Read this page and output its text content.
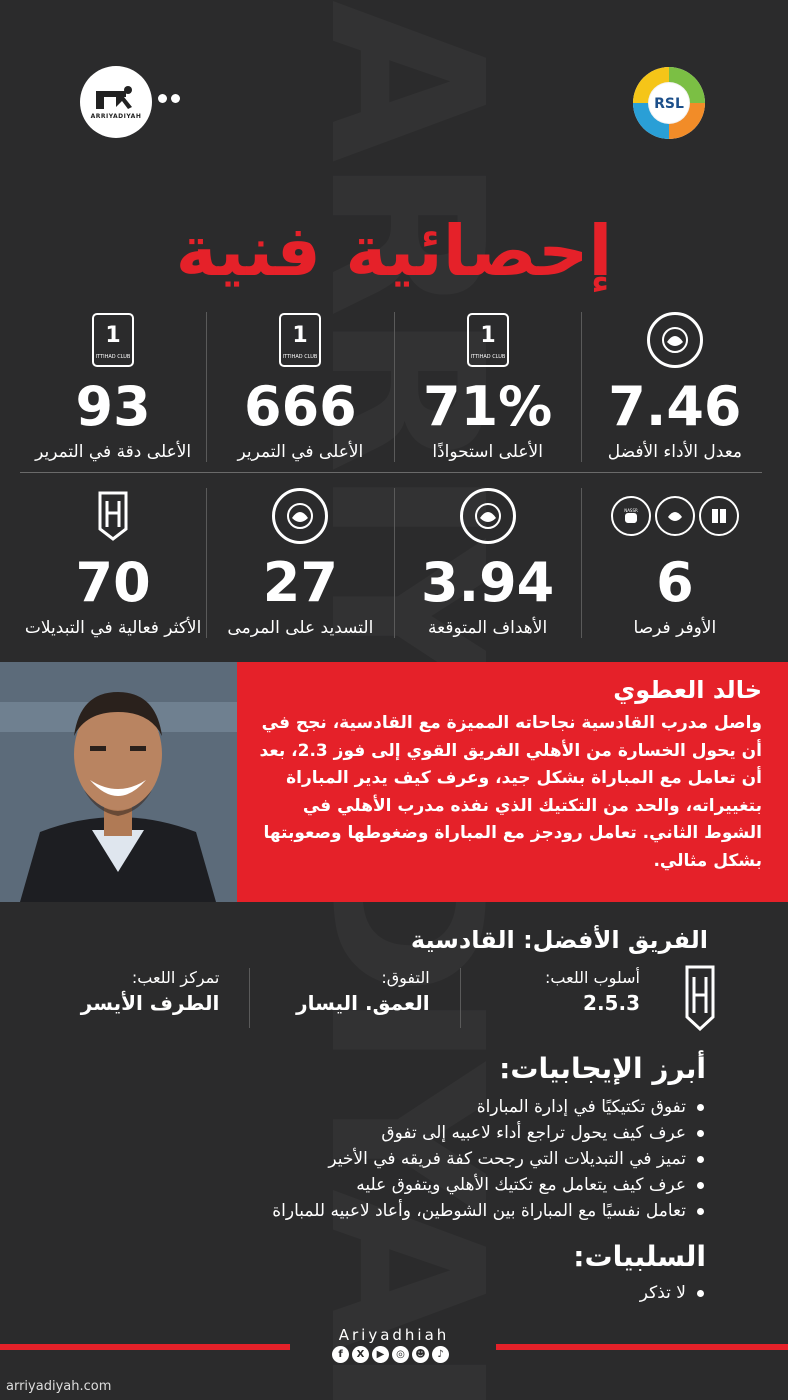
ARRIYADIYAH
RSL
إحصائية فنية
7.46
معدل الأداء الأفضل
1
ITTIHAD CLUB
71%
الأعلى استحواذًا
1
ITTIHAD CLUB
666
الأعلى في التمرير
1
ITTIHAD CLUB
93
الأعلى دقة في التمرير
NASSR
6
الأوفر فرصا
3.94
الأهداف المتوقعة
27
التسديد على المرمى
70
الأكثر فعالية في التبديلات
خالد العطوي

واصل مدرب القادسية نجاحاته المميزة مع القادسية، نجح في أن يحول الخسارة من الأهلي الفريق القوي إلى فوز 2.3، بعد أن تعامل مع المباراة بشكل جيد، وعرف كيف يدير المباراة بتغييراته، والحد من التكتيك الذي نفذه مدرب الأهلي في الشوط الثاني. تعامل رودجز مع المباراة وضغوطها وصعوبتها بشكل مثالي.

الفريق الأفضل: القادسية
أسلوب اللعب:
2.5.3
التفوق:
العمق. اليسار
تمركز اللعب:
الطرف الأيسر
أبرز الإيجابيات:
تفوق تكتيكيًا في إدارة المباراة
عرف كيف يحول تراجع أداء لاعبيه إلى تفوق
تميز في التبديلات التي رجحت كفة فريقه في الأخير
عرف كيف يتعامل مع تكتيك الأهلي ويتفوق عليه
تعامل نفسيًا مع المباراة بين الشوطين، وأعاد لاعبيه للمباراة
السلبيات:
لا تذكر
Ariyadhiah
f	X	▶	◎	☻	♪
arriyadiyah.com
